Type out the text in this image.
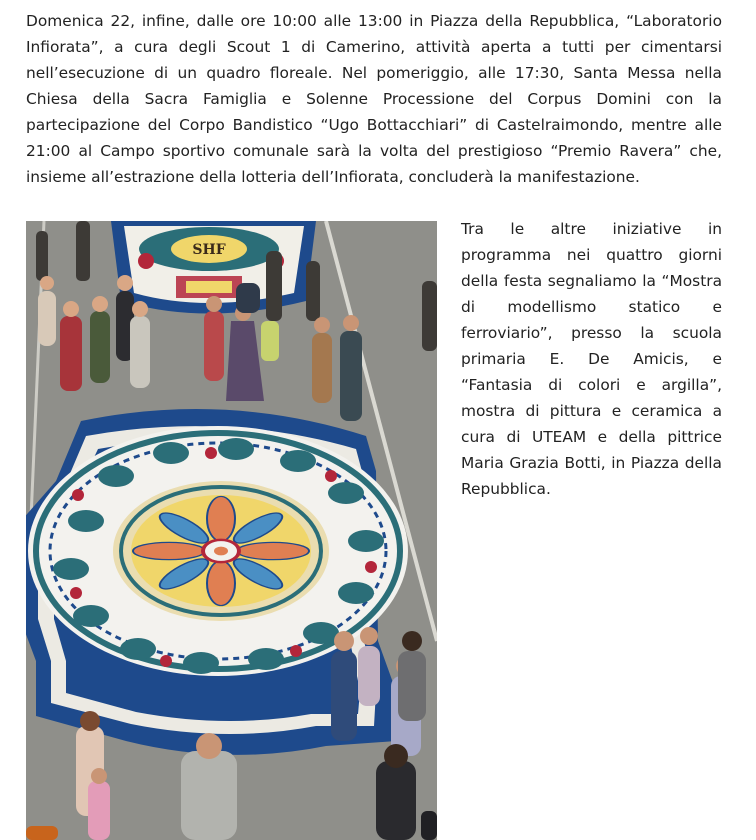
Domenica 22, infine, dalle ore 10:00 alle 13:00 in Piazza della Repubblica, “Laboratorio Infiorata”, a cura degli Scout 1 di Camerino, attività aperta a tutti per cimentarsi nell’esecuzione di un quadro floreale. Nel pomeriggio, alle 17:30, Santa Messa nella Chiesa della Sacra Famiglia e Solenne Processione del Corpus Domini con la partecipazione del Corpo Bandistico “Ugo Bottacchiari” di Castelraimondo, mentre alle 21:00 al Campo sportivo comunale sarà la volta del prestigioso “Premio Ravera” che, insieme all’estrazione della lotteria dell’Infiorata, concluderà la manifestazione.

SHF

Tra le altre iniziative in programma nei quattro giorni della festa segnaliamo la “Mostra di modellismo statico e ferroviario”, presso la scuola primaria E. De Amicis, e “Fantasia di colori e argilla”, mostra di pittura e ceramica a cura di UTEAM e della pittrice Maria Grazia Botti, in Piazza della Repubblica.
